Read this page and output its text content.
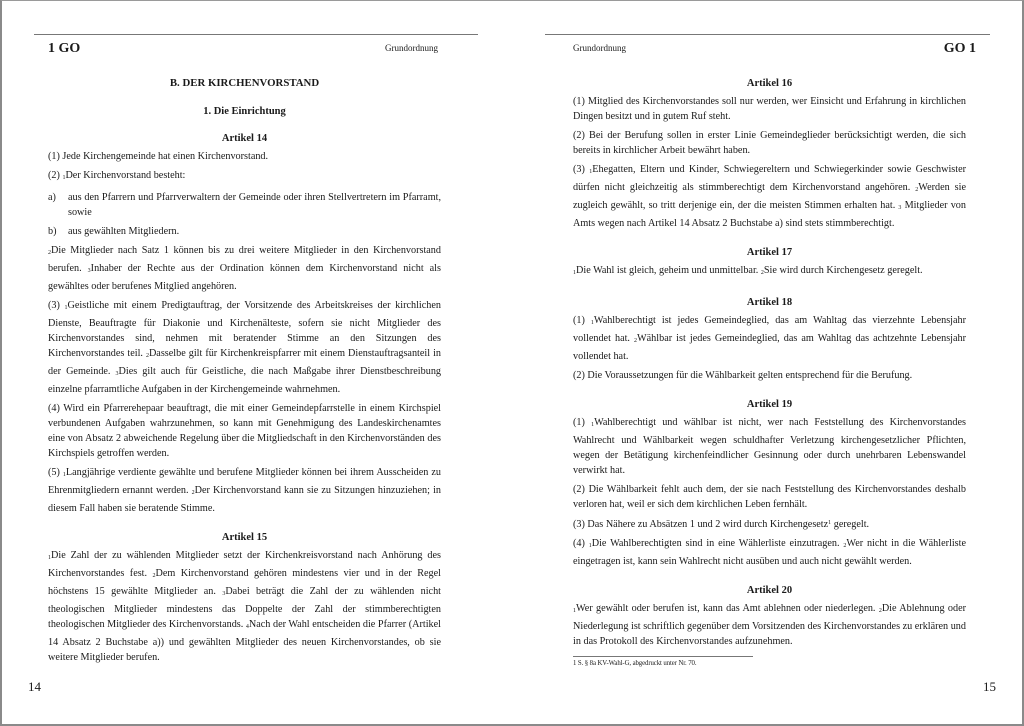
1 GO	Grundordnung
B. DER KIRCHENVORSTAND
1. Die Einrichtung
Artikel 14

(1) Jede Kirchengemeinde hat einen Kirchenvorstand.

(2) $_1$Der Kirchenvorstand besteht:

a)	aus den Pfarrern und Pfarrverwaltern der Gemeinde oder ihren Stellvertretern im Pfarramt, sowie
b)	aus gewählten Mitgliedern.

$_2$Die Mitglieder nach Satz 1 können bis zu drei weitere Mitglieder in den Kirchenvorstand berufen. $_3$Inhaber der Rechte aus der Ordination können dem Kirchenvorstand nicht als gewähltes oder berufenes Mitglied angehören.

(3) $_1$Geistliche mit einem Predigtauftrag, der Vorsitzende des Arbeitskreises der kirchlichen Dienste, Beauftragte für Diakonie und Kirchenälteste, sofern sie nicht Mitglieder des Kirchenvorstandes sind, nehmen mit beratender Stimme an den Sitzungen des Kirchenvorstandes teil. $_2$Dasselbe gilt für Kirchenkreispfarrer mit einem Dienstauftragsanteil in der Gemeinde. $_3$Dies gilt auch für Geistliche, die nach Maßgabe ihrer Dienstbeschreibung einzelne pfarramtliche Aufgaben in der Kirchengemeinde wahrnehmen.

(4) Wird ein Pfarrerehepaar beauftragt, die mit einer Gemeindepfarrstelle in einem Kirchspiel verbundenen Aufgaben wahrzunehmen, so kann mit Genehmigung des Landeskirchenamtes eine von Absatz 2 abweichende Regelung über die Mitgliedschaft in den Kirchenvorständen des Kirchspiels getroffen werden.

(5) $_1$Langjährige verdiente gewählte und berufene Mitglieder können bei ihrem Ausscheiden zu Ehrenmitgliedern ernannt werden. $_2$Der Kirchenvorstand kann sie zu Sitzungen hinzuziehen; in diesem Fall haben sie beratende Stimme.

Artikel 15

$_1$Die Zahl der zu wählenden Mitglieder setzt der Kirchenkreisvorstand nach Anhörung des Kirchenvorstandes fest. $_2$Dem Kirchenvorstand gehören mindestens vier und in der Regel höchstens 15 gewählte Mitglieder an. $_3$Dabei beträgt die Zahl der zu wählenden nicht theologischen Mitglieder mindestens das Doppelte der Zahl der stimmberechtigten theologischen Mitglieder des Kirchenvorstands. $_4$Nach der Wahl entscheiden die Pfarrer (Artikel 14 Absatz 2 Buchstabe a)) und gewählten Mitglieder des neuen Kirchenvorstandes, ob sie weitere Mitglieder berufen.

14
Grundordnung	GO 1
Artikel 16

(1) Mitglied des Kirchenvorstandes soll nur werden, wer Einsicht und Erfahrung in kirchlichen Dingen besitzt und in gutem Ruf steht.

(2) Bei der Berufung sollen in erster Linie Gemeindeglieder berücksichtigt werden, die sich bereits in kirchlicher Arbeit bewährt haben.

(3) $_1$Ehegatten, Eltern und Kinder, Schwiegereltern und Schwiegerkinder sowie Geschwister dürfen nicht gleichzeitig als stimmberechtigt dem Kirchenvorstand angehören. $_2$Werden sie zugleich gewählt, so tritt derjenige ein, der die meisten Stimmen erhalten hat. $_3$ Mitglieder von Amts wegen nach Artikel 14 Absatz 2 Buchstabe a) sind stets stimmberechtigt.

Artikel 17

$_1$Die Wahl ist gleich, geheim und unmittelbar. $_2$Sie wird durch Kirchengesetz geregelt.

Artikel 18

(1) $_1$Wahlberechtigt ist jedes Gemeindeglied, das am Wahltag das vierzehnte Lebensjahr vollendet hat. $_2$Wählbar ist jedes Gemeindeglied, das am Wahltag das achtzehnte Lebensjahr vollendet hat.

(2) Die Voraussetzungen für die Wählbarkeit gelten entsprechend für die Berufung.

Artikel 19

(1) $_1$Wahlberechtigt und wählbar ist nicht, wer nach Feststellung des Kirchenvorstandes Wahlrecht und Wählbarkeit wegen schuldhafter Verletzung kirchengesetzlicher Pflichten, wegen der Betätigung kirchenfeindlicher Gesinnung oder durch unehrbaren Lebenswandel verwirkt hat.

(2) Die Wählbarkeit fehlt auch dem, der sie nach Feststellung des Kirchenvorstandes deshalb verloren hat, weil er sich dem kirchlichen Leben fernhält.

(3) Das Nähere zu Absätzen 1 und 2 wird durch Kirchengesetz$^1$ geregelt.

(4) $_1$Die Wahlberechtigten sind in eine Wählerliste einzutragen. $_2$Wer nicht in die Wählerliste eingetragen ist, kann sein Wahlrecht nicht ausüben und auch nicht gewählt werden.

Artikel 20

$_1$Wer gewählt oder berufen ist, kann das Amt ablehnen oder niederlegen. $_2$Die Ablehnung oder Niederlegung ist schriftlich gegenüber dem Vorsitzenden des Kirchenvorstandes zu erklären und in das Protokoll des Kirchenvorstandes aufzunehmen.

1 S. § 8a KV-Wahl-G, abgedruckt unter Nr. 70.
15
